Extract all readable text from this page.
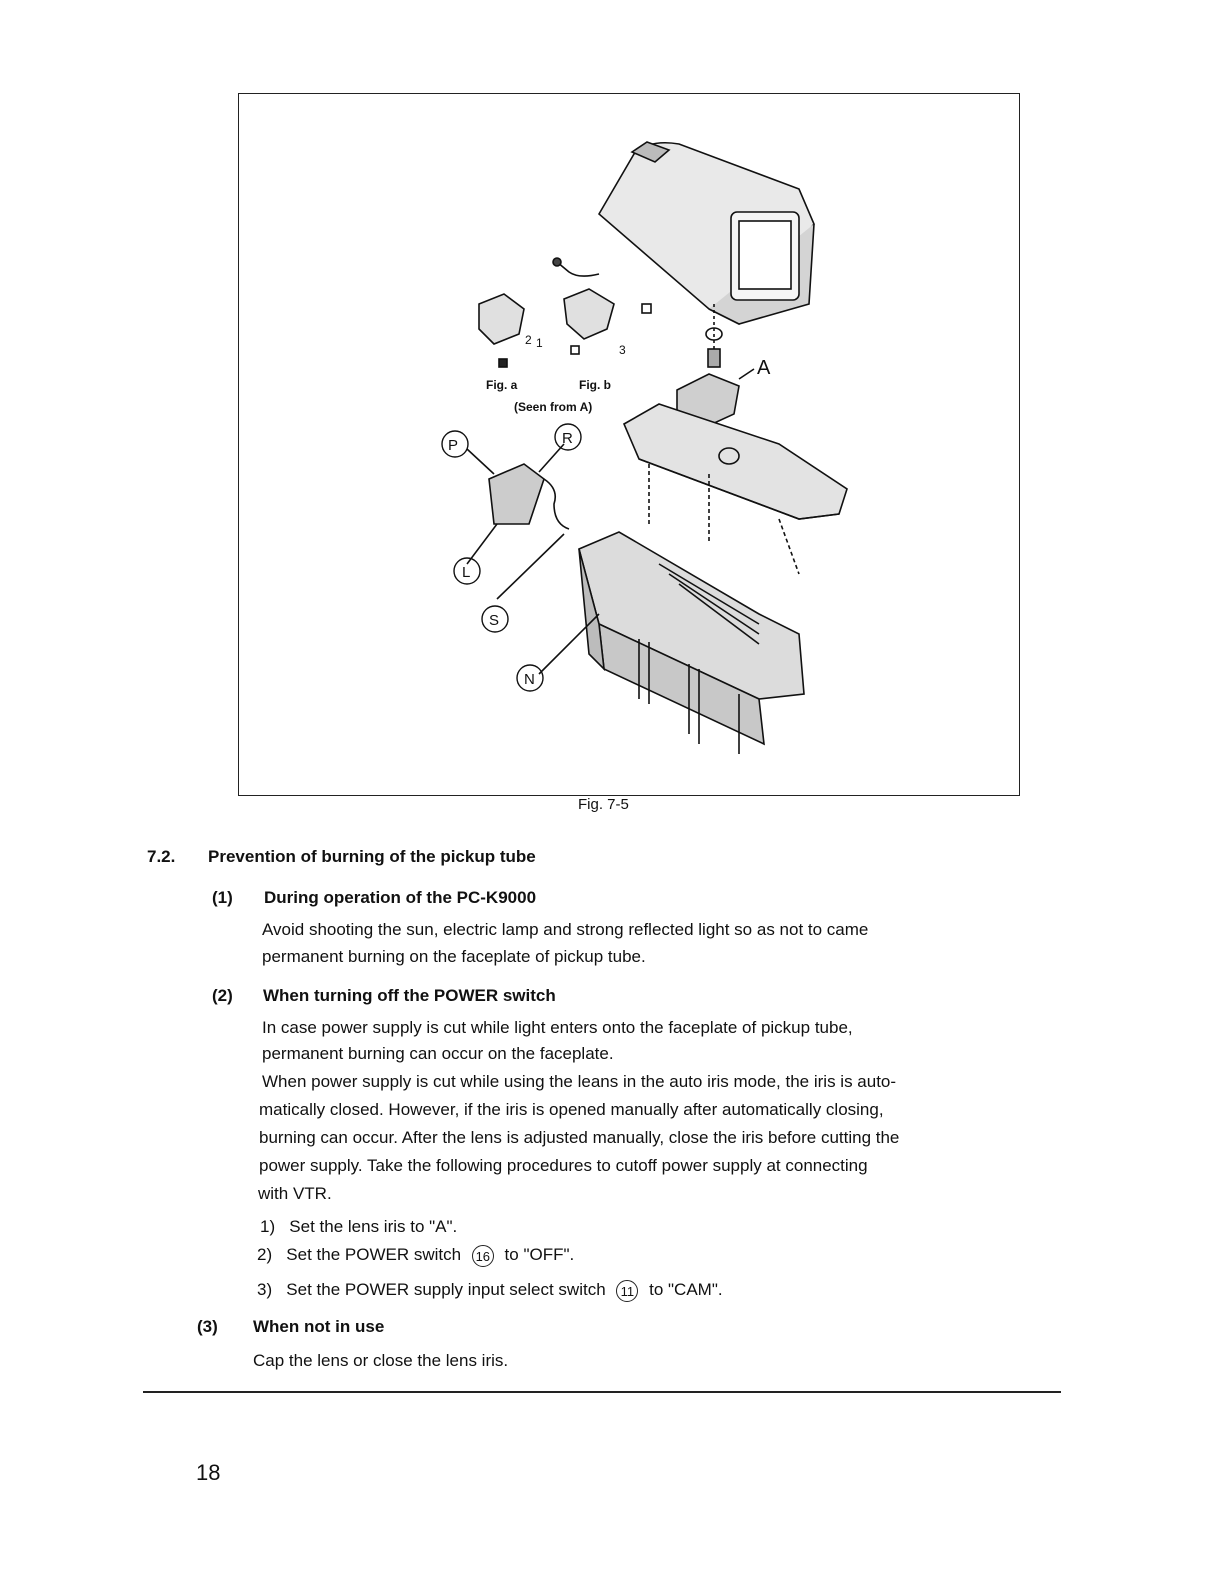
A
P	R
L
S
N
Fig. a	Fig. b
(Seen from A)
2 1	3
Fig. 7-5
7.2. Prevention of burning of the pickup tube
(1) During operation of the PC-K9000
Avoid shooting the sun, electric lamp and strong reflected light so as not to came
permanent burning on the faceplate of pickup tube.
(2) When turning off the POWER switch
In case power supply is cut while light enters onto the faceplate of pickup tube,
permanent burning can occur on the faceplate.
When power supply is cut while using the leans in the auto iris mode, the iris is auto-
matically closed. However, if the iris is opened manually after automatically closing,
burning can occur. After the lens is adjusted manually, close the iris before cutting the
power supply. Take the following procedures to cutoff power supply at connecting
with VTR.
1) Set the lens iris to "A".
2) Set the POWER switch 16 to "OFF".
3) Set the POWER supply input select switch 11 to "CAM".
(3) When not in use
Cap the lens or close the lens iris.
18
